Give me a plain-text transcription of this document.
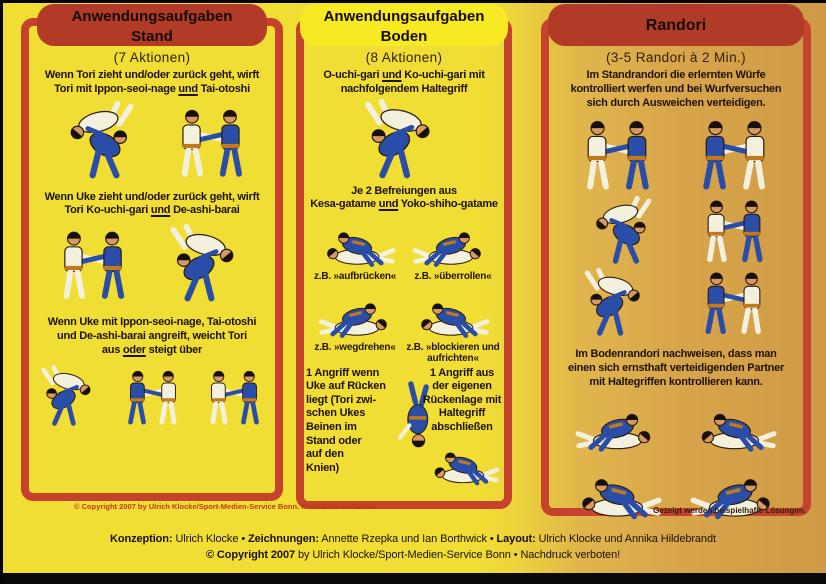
Anwendungsaufgaben
Stand
(7 Aktionen)
Wenn Tori zieht und/oder zurück geht, wirft
Tori mit Ippon-seoi-nage und Tai-otoshi
Wenn Uke zieht und/oder zurück geht, wirft
Tori Ko-uchi-gari und De-ashi-barai
Wenn Uke mit Ippon-seoi-nage, Tai-otoshi
und De-ashi-barai angreift, weicht Tori
aus oder steigt über
Anwendungsaufgaben
Boden
(8 Aktionen)
O-uchi-gari und Ko-uchi-gari mit
nachfolgendem Haltegriff
Je 2 Befreiungen aus
Kesa-gatame und Yoko-shiho-gatame
z.B. »aufbrücken«	z.B. »überrollen«
z.B. »wegdrehen«	z.B. »blockieren und
aufrichten«
1 Angriff wenn
Uke auf Rücken
liegt (Tori zwi-
schen Ukes
Beinen im
Stand oder
auf den
Knien)
1 Angriff aus
der eigenen
Rückenlage mit
Haltegriff
abschließen
Randori
(3-5 Randori à 2 Min.)
Im Standrandori die erlernten Würfe
kontrolliert werfen und bei Wurfversuchen
sich durch Ausweichen verteidigen.
Im Bodenrandori nachweisen, dass man
einen sich ernsthaft verteidigenden Partner
mit Haltegriffen kontrollieren kann.
© Copyright 2007 by Ulrich Klocke/Sport-Medien-Service Bonn. Nachdruck verboten!	Gezeigt werden beispielhafte Lösungen.
Konzeption: Ulrich Klocke • Zeichnungen: Annette Rzepka und Ian Borthwick • Layout: Ulrich Klocke und Annika Hildebrandt
© Copyright 2007 by Ulrich Klocke/Sport-Medien-Service Bonn • Nachdruck verboten!
